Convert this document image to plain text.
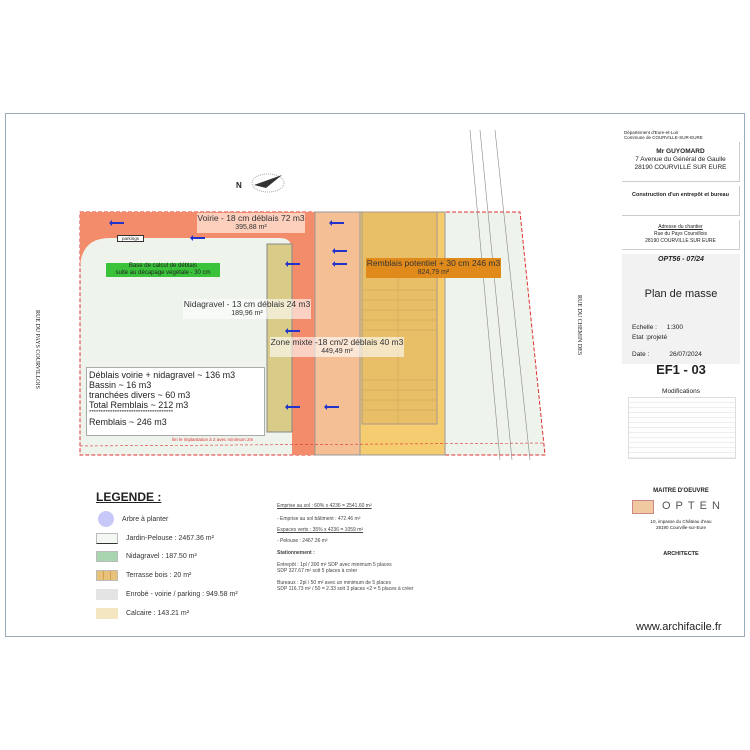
Département d'Eure-et-Loir
Commune de COURVILLE-SUR-EURE
Mr GUYOMARD
7 Avenue du Général de Gaulle
28190 COURVILLE SUR EURE
Construction d'un entrepôt et bureau
Adresse du chantier
Rue du Pays Courvillois
28190 COURVILLE SUR EURE
OPT56 - 07/24
Plan de masse
Echelle : 1:300
Etat :projeté
Date :	26/07/2024
EF1 - 03
Modifications
MAITRE D'OEUVRE
OPTEN
10, impasse du Château d'eau
28190 Courville-sur-Eure
ARCHITECTE
N
RUE DU PAYS COURVILLOIS	RUE DU CHEMIN DES
parkings
Base de calcul de déblais
suite au décapage végétale - 30 cm
Voirie - 18 cm déblais 72 m3
395,88 m²
Nidagravel - 13 cm déblais 24 m3
189,96 m²
Zone mixte -18 cm/2 déblais 40 m3
449,49 m²
Remblais potentiel + 30 cm 246 m3
824,79 m²
Déblais voirie + nidagravel ~ 136 m3
Bassin ~ 16 m3
tranchées divers ~ 60 m3
Total Remblais ~ 212 m3
************************************
Remblais ~ 246 m3
lim le implantation à 2 avec minimum 2m
LEGENDE :
Arbre à planter
Jardin-Pelouse : 2467.36 m²
Nidagravel : 187.50 m²
Terrasse bois : 20 m²
Enrobé - voirie / parking : 949.58 m²
Calcaire : 143.21 m²
Emprise au sol : 60% x 4236 = 2541.60 m²
- Emprise au sol bâtiment : 472.46 m²
Espaces verts : 35% x 4236 = 1059 m²
- Pelouse : 2467.36 m²
Stationnement :
Entrepôt : 1pl / 300 m² SDP avec minimum 5 places
SDP 327.67 m² soit 5 places à créer
Bureaux : 2pl / 50 m² avec un minimum de 5 places
SDP 116.73 m² / 50 = 2.33 soit 3 places <2 = 5 places à créer
www.archifacile.fr
